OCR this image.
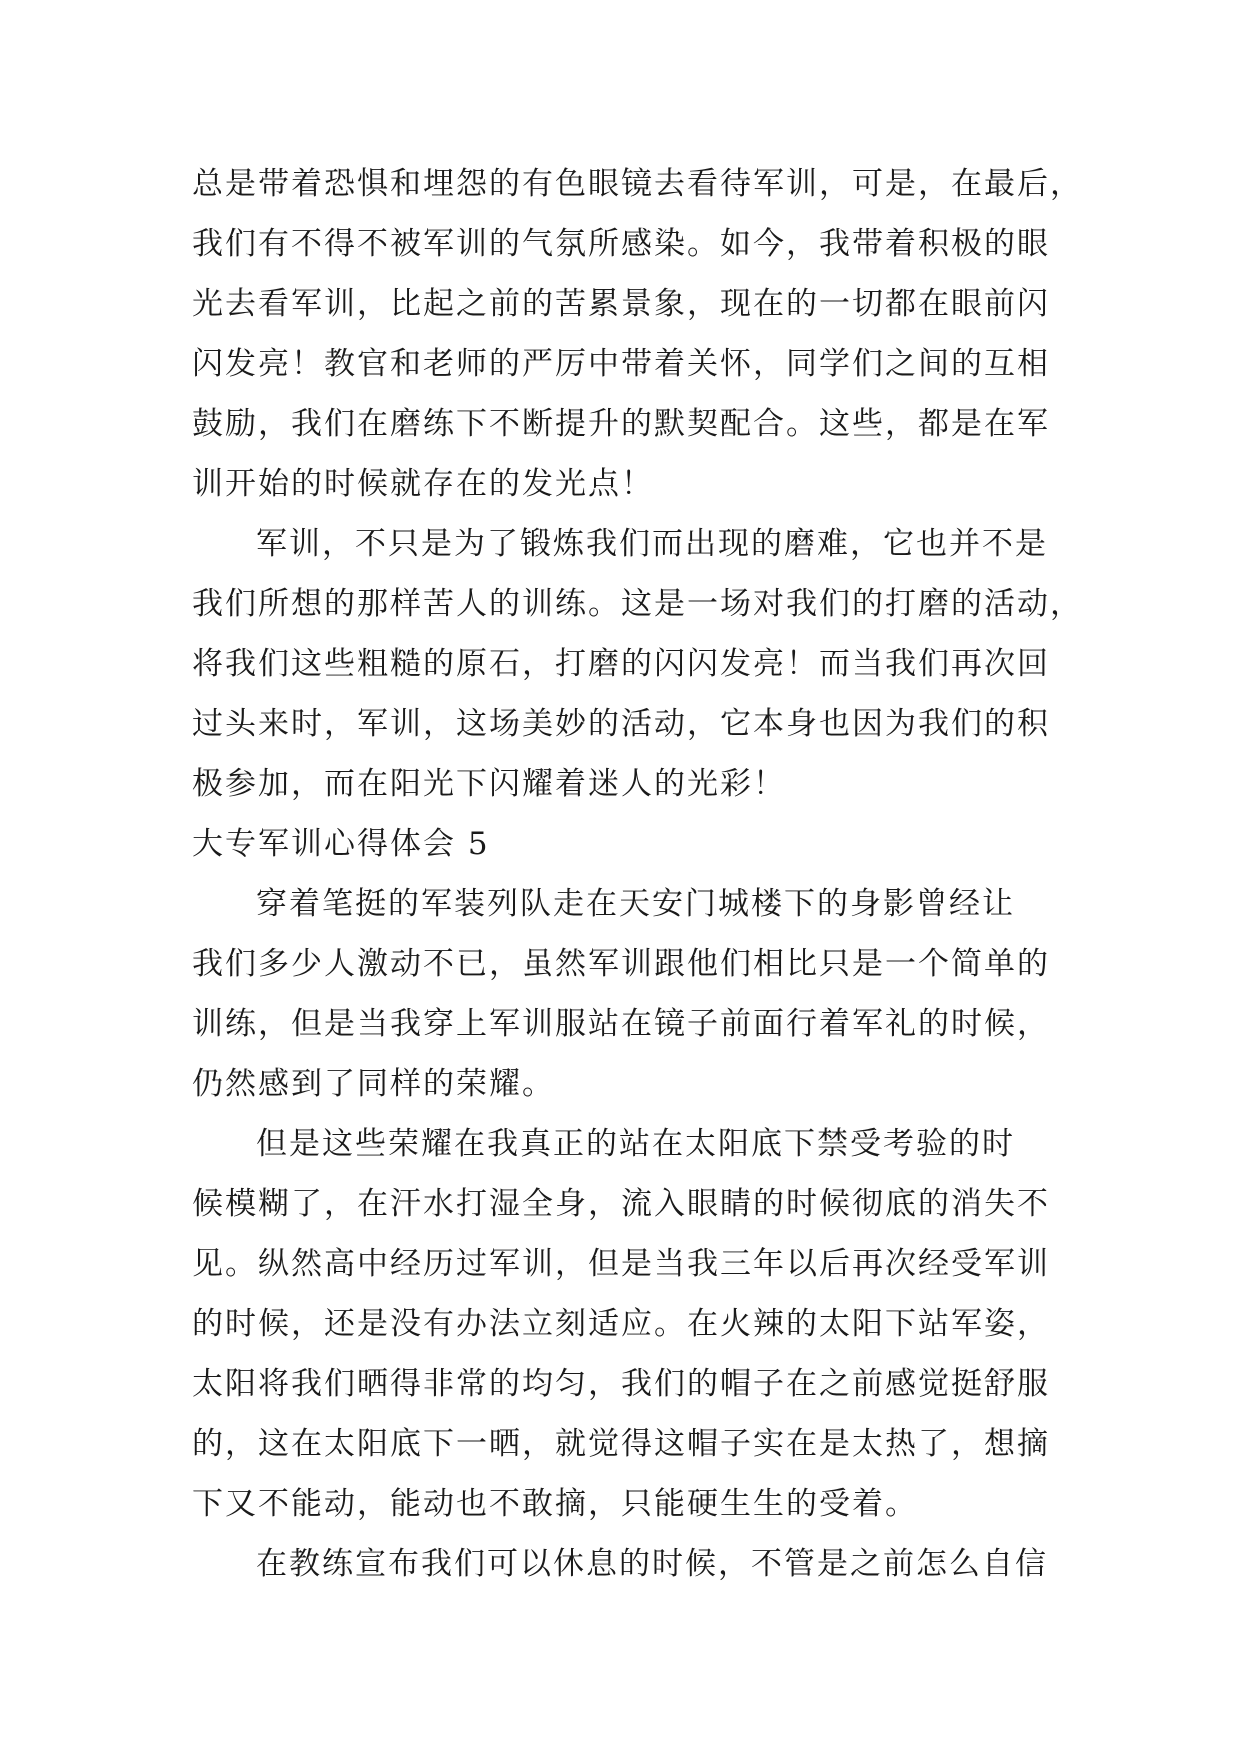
总是带着恐惧和埋怨的有色眼镜去看待军训，可是，在最后，
我们有不得不被军训的气氛所感染。如今，我带着积极的眼
光去看军训，比起之前的苦累景象，现在的一切都在眼前闪
闪发亮！教官和老师的严厉中带着关怀，同学们之间的互相
鼓励，我们在磨练下不断提升的默契配合。这些，都是在军
训开始的时候就存在的发光点！
军训，不只是为了锻炼我们而出现的磨难，它也并不是
我们所想的那样苦人的训练。这是一场对我们的打磨的活动，
将我们这些粗糙的原石，打磨的闪闪发亮！而当我们再次回
过头来时，军训，这场美妙的活动，它本身也因为我们的积
极参加，而在阳光下闪耀着迷人的光彩！
大专军训心得体会 5
穿着笔挺的军装列队走在天安门城楼下的身影曾经让
我们多少人激动不已，虽然军训跟他们相比只是一个简单的
训练，但是当我穿上军训服站在镜子前面行着军礼的时候，
仍然感到了同样的荣耀。
但是这些荣耀在我真正的站在太阳底下禁受考验的时
候模糊了，在汗水打湿全身，流入眼睛的时候彻底的消失不
见。纵然高中经历过军训，但是当我三年以后再次经受军训
的时候，还是没有办法立刻适应。在火辣的太阳下站军姿，
太阳将我们晒得非常的均匀，我们的帽子在之前感觉挺舒服
的，这在太阳底下一晒，就觉得这帽子实在是太热了，想摘
下又不能动，能动也不敢摘，只能硬生生的受着。
在教练宣布我们可以休息的时候，不管是之前怎么自信
